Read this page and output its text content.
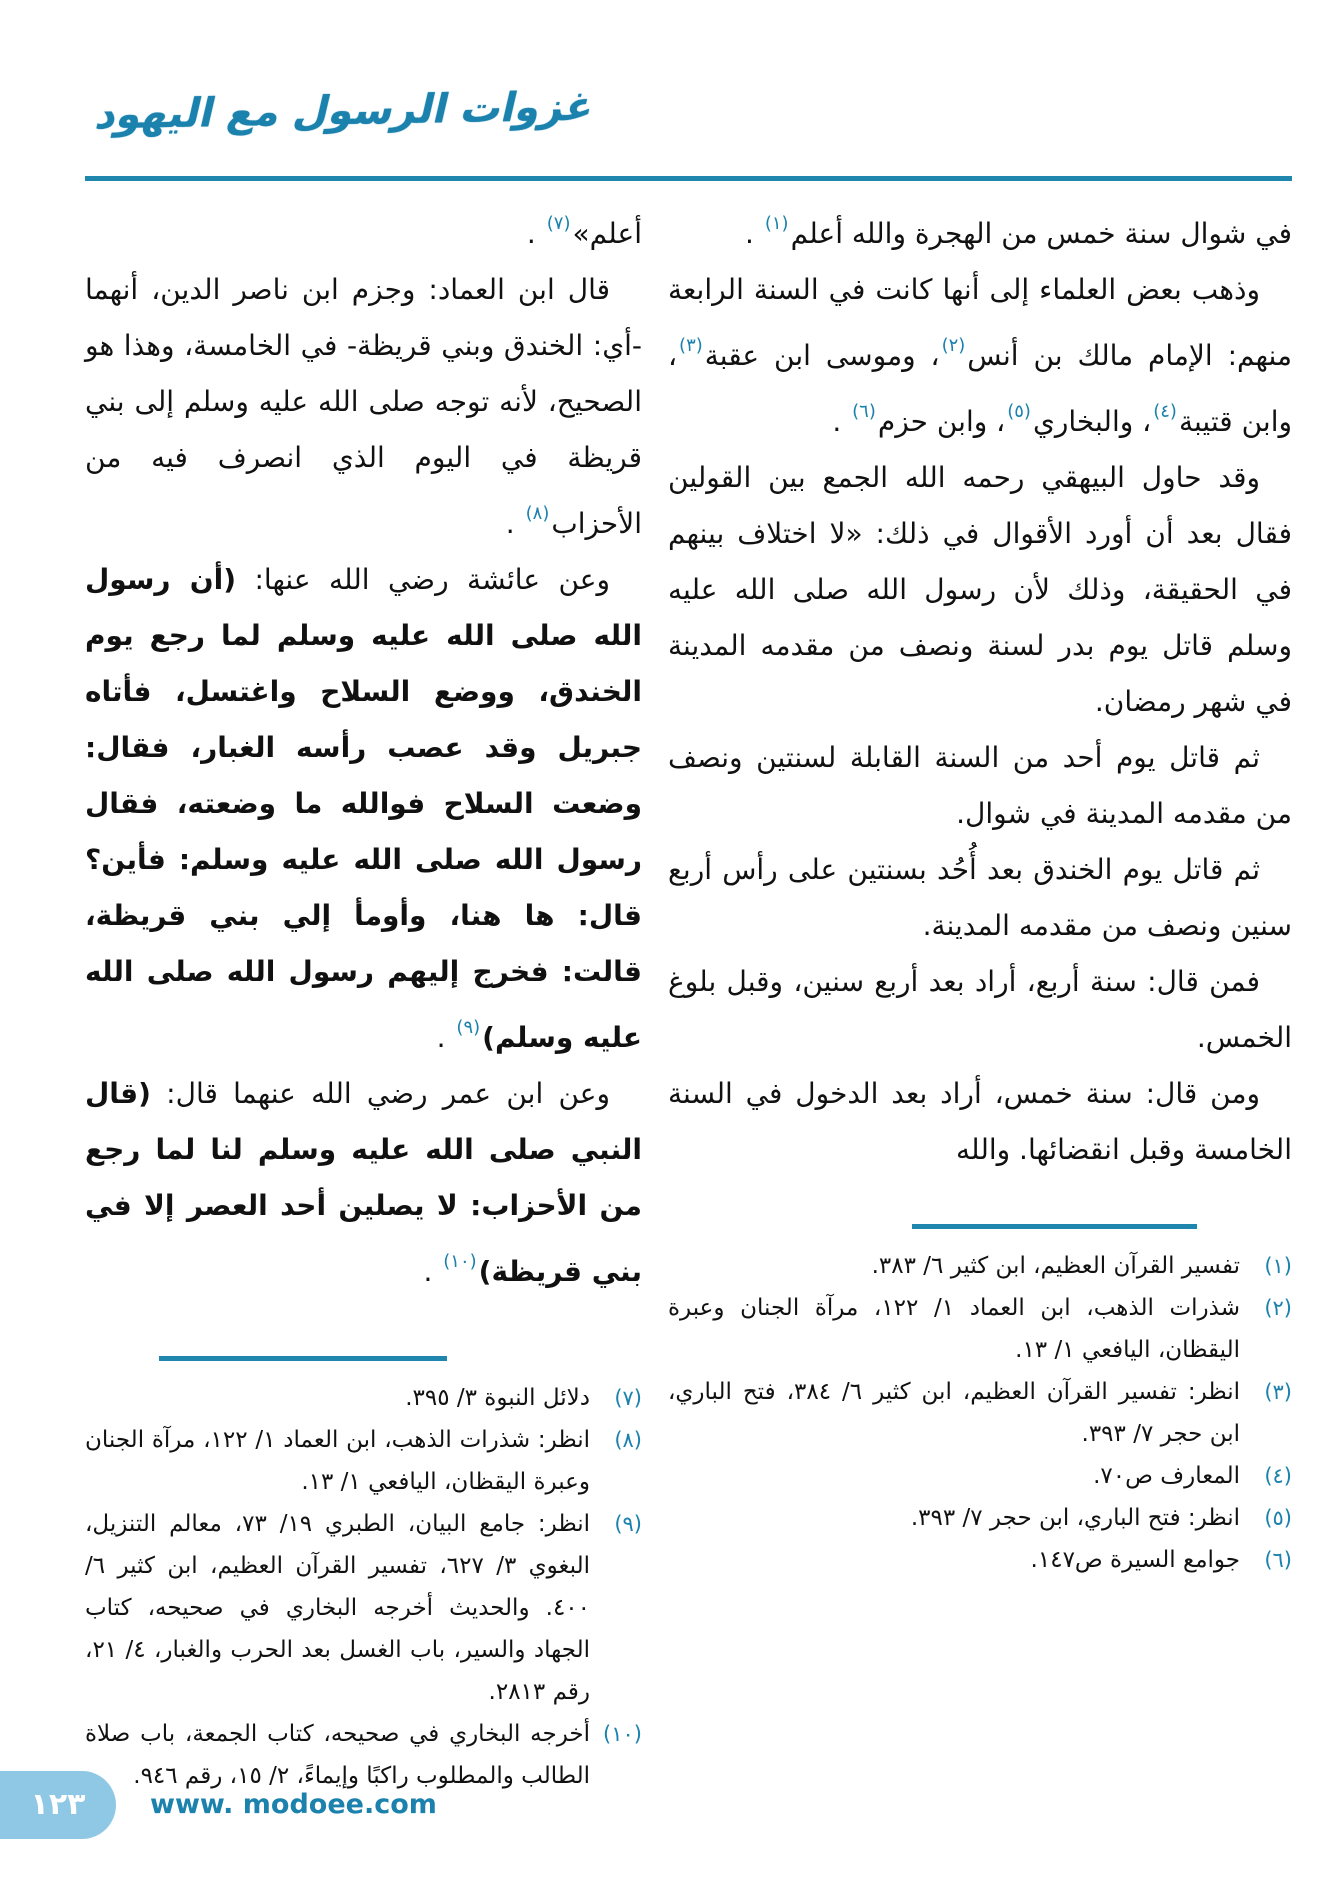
غزوات الرسول مع اليهود

في شوال سنة خمس من الهجرة والله أعلم$^{(١)}$ .

وذهب بعض العلماء إلى أنها كانت في السنة الرابعة منهم: الإمام مالك بن أنس$^{(٢)}$، وموسى ابن عقبة$^{(٣)}$، وابن قتيبة$^{(٤)}$، والبخاري$^{(٥)}$، وابن حزم$^{(٦)}$ .

وقد حاول البيهقي رحمه الله الجمع بين القولين فقال بعد أن أورد الأقوال في ذلك: «لا اختلاف بينهم في الحقيقة، وذلك لأن رسول الله صلى الله عليه وسلم قاتل يوم بدر لسنة ونصف من مقدمه المدينة في شهر رمضان.

ثم قاتل يوم أحد من السنة القابلة لسنتين ونصف من مقدمه المدينة في شوال.

ثم قاتل يوم الخندق بعد أُحُد بسنتين على رأس أربع سنين ونصف من مقدمه المدينة.

فمن قال: سنة أربع، أراد بعد أربع سنين، وقبل بلوغ الخمس.

ومن قال: سنة خمس، أراد بعد الدخول في السنة الخامسة وقبل انقضائها. والله

(١)
تفسير القرآن العظيم، ابن كثير ٦/ ٣٨٣.
(٢)
شذرات الذهب، ابن العماد ١/ ١٢٢، مرآة الجنان وعبرة اليقظان، اليافعي ١/ ١٣.
(٣)
انظر: تفسير القرآن العظيم، ابن كثير ٦/ ٣٨٤، فتح الباري، ابن حجر ٧/ ٣٩٣.
(٤)
المعارف ص٧٠.
(٥)
انظر: فتح الباري، ابن حجر ٧/ ٣٩٣.
(٦)
جوامع السيرة ص١٤٧.

أعلم»$^{(٧)}$ .

قال ابن العماد: وجزم ابن ناصر الدين، أنهما -أي: الخندق وبني قريظة- في الخامسة، وهذا هو الصحيح، لأنه توجه صلى الله عليه وسلم إلى بني قريظة في اليوم الذي انصرف فيه من الأحزاب$^{(٨)}$ .

وعن عائشة رضي الله عنها: (أن رسول الله صلى الله عليه وسلم لما رجع يوم الخندق، ووضع السلاح واغتسل، فأتاه جبريل وقد عصب رأسه الغبار، فقال: وضعت السلاح فوالله ما وضعته، فقال رسول الله صلى الله عليه وسلم: فأين؟ قال: ها هنا، وأومأ إلي بني قريظة، قالت: فخرج إليهم رسول الله صلى الله عليه وسلم)$^{(٩)}$ .

وعن ابن عمر رضي الله عنهما قال: (قال النبي صلى الله عليه وسلم لنا لما رجع من الأحزاب: لا يصلين أحد العصر إلا في بني قريظة)$^{(١٠)}$ .

(٧)
دلائل النبوة ٣/ ٣٩٥.
(٨)
انظر: شذرات الذهب، ابن العماد ١/ ١٢٢، مرآة الجنان وعبرة اليقظان، اليافعي ١/ ١٣.
(٩)
انظر: جامع البيان، الطبري ١٩/ ٧٣، معالم التنزيل، البغوي ٣/ ٦٢٧، تفسير القرآن العظيم، ابن كثير ٦/ ٤٠٠. والحديث أخرجه البخاري في صحيحه، كتاب الجهاد والسير، باب الغسل بعد الحرب والغبار، ٤/ ٢١، رقم ٢٨١٣.
(١٠)
أخرجه البخاري في صحيحه، كتاب الجمعة، باب صلاة الطالب والمطلوب راكبًا وإيماءً، ٢/ ١٥، رقم ٩٤٦.
١٢٣	www. modoee.com
